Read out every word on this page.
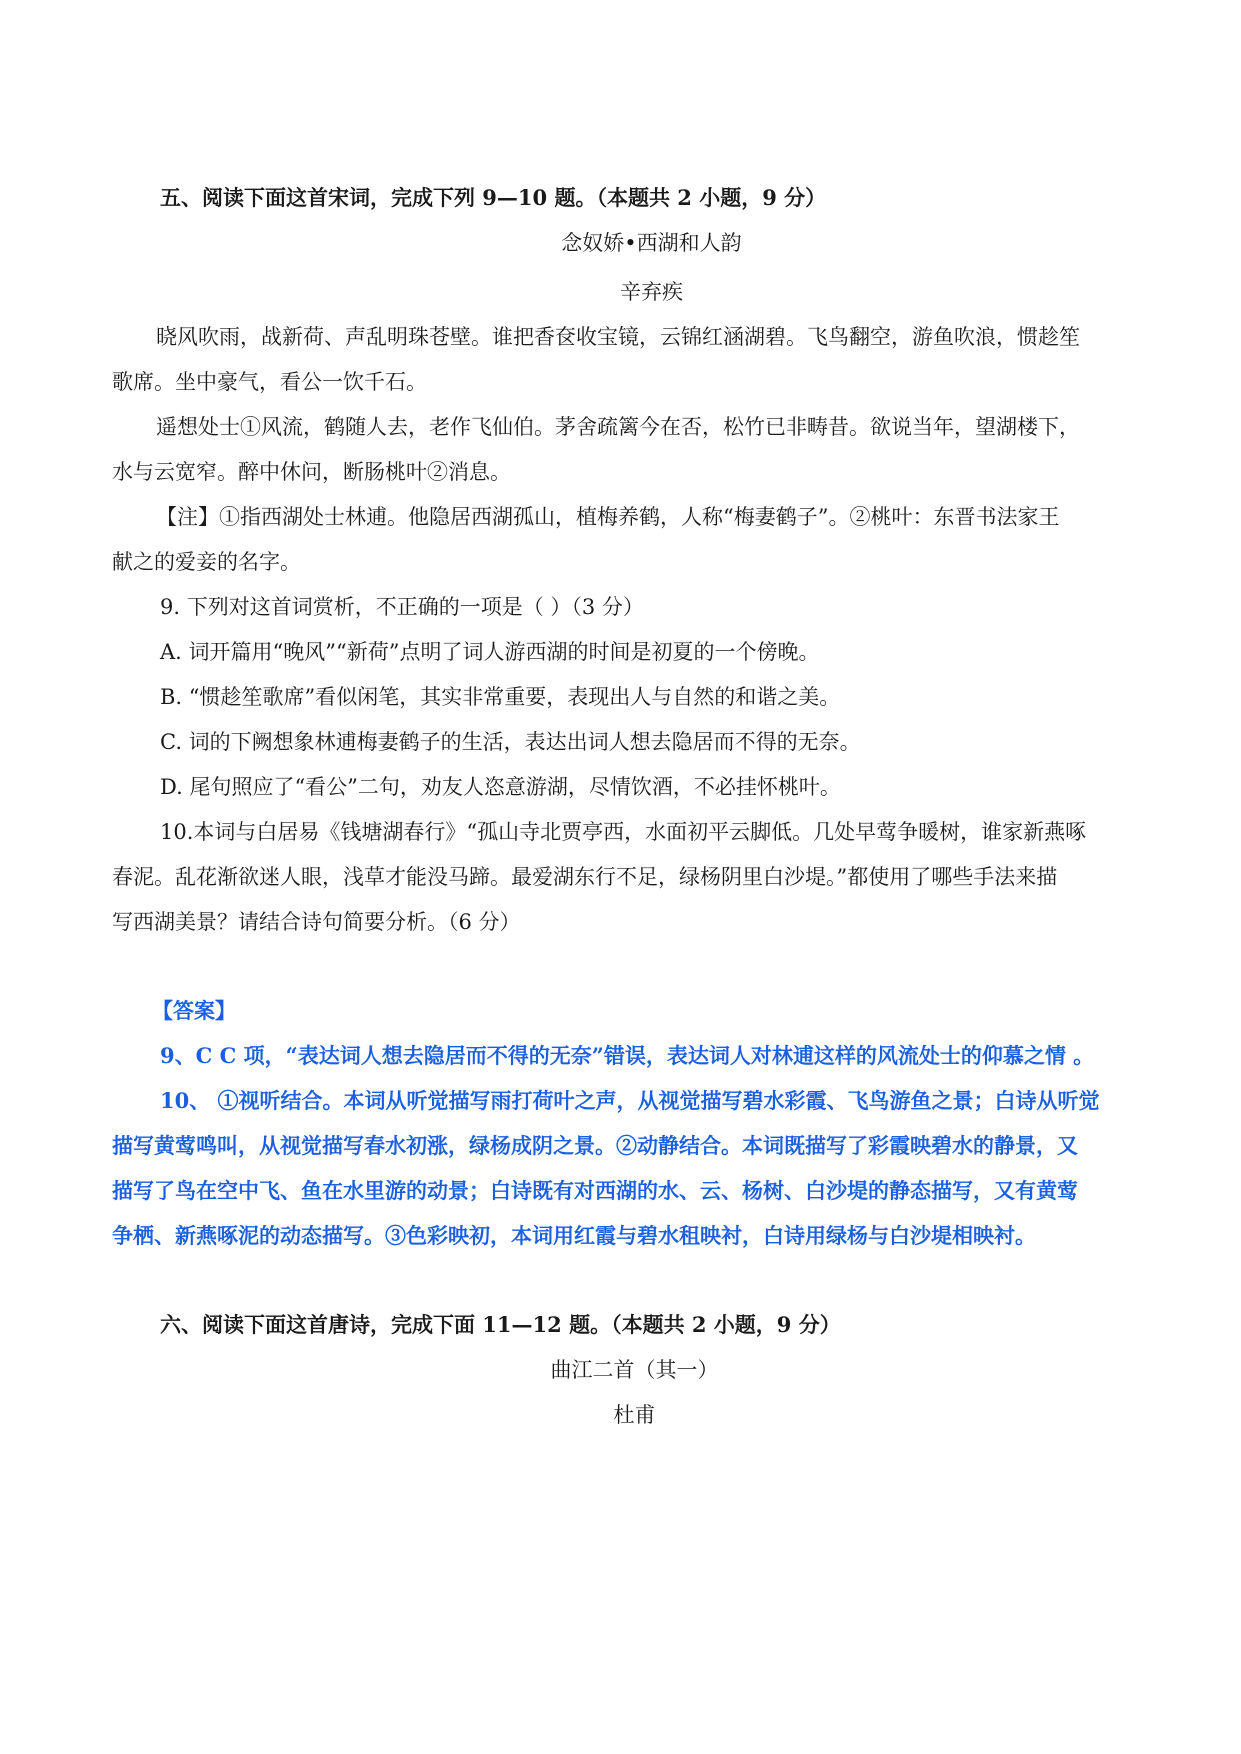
五、阅读下面这首宋词，完成下列 9—10 题。（本题共 2 小题，9 分）
念奴娇•西湖和人韵
辛弃疾
晓风吹雨，战新荷、声乱明珠苍壁。谁把香奁收宝镜，云锦红涵湖碧。飞鸟翻空，游鱼吹浪，惯趁笙
歌席。坐中豪气，看公一饮千石。
遥想处士①风流，鹤随人去，老作飞仙伯。茅舍疏篱今在否，松竹已非畴昔。欲说当年，望湖楼下，
水与云宽窄。醉中休问，断肠桃叶②消息。
【注】①指西湖处士林逋。他隐居西湖孤山，植梅养鹤，人称“梅妻鹤子”。②桃叶：东晋书法家王
献之的爱妾的名字。
9. 下列对这首词赏析，不正确的一项是（ ）（3 分）
A. 词开篇用“晚风”“新荷”点明了词人游西湖的时间是初夏的一个傍晚。
B. “惯趁笙歌席”看似闲笔，其实非常重要，表现出人与自然的和谐之美。
C. 词的下阙想象林逋梅妻鹤子的生活，表达出词人想去隐居而不得的无奈。
D. 尾句照应了“看公”二句，劝友人恣意游湖，尽情饮酒，不必挂怀桃叶。
10.本词与白居易《钱塘湖春行》“孤山寺北贾亭西，水面初平云脚低。几处早莺争暖树，谁家新燕啄
春泥。乱花渐欲迷人眼，浅草才能没马蹄。最爱湖东行不足，绿杨阴里白沙堤。”都使用了哪些手法来描
写西湖美景？请结合诗句简要分析。（6 分）
【答案】
9、C C 项，“表达词人想去隐居而不得的无奈”错误，表达词人对林逋这样的风流处士的仰慕之情 。
10、 ①视听结合。本词从听觉描写雨打荷叶之声，从视觉描写碧水彩霞、飞鸟游鱼之景；白诗从听觉
描写黄莺鸣叫，从视觉描写春水初涨，绿杨成阴之景。②动静结合。本词既描写了彩霞映碧水的静景，又
描写了鸟在空中飞、鱼在水里游的动景；白诗既有对西湖的水、云、杨树、白沙堤的静态描写，又有黄莺
争栖、新燕啄泥的动态描写。③色彩映初，本词用红霞与碧水租映衬，白诗用绿杨与白沙堤相映衬。
六、阅读下面这首唐诗，完成下面 11—12 题。（本题共 2 小题，9 分）
曲江二首（其一）
杜甫
